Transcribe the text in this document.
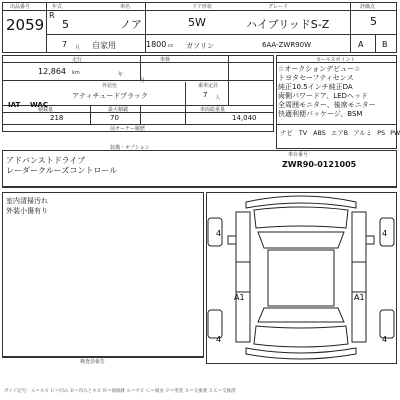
出品番号	年式	車名	ドア形状	グレード	評価点
2059
R
5	ノア	5W	ハイブリッドS-Z	5
7 月 自家用	1800 cc ガソリン	6AA-ZWR90W	A B
走行	車検
12,864 km	年
月
IAT WAC
外装色
アティチュードブラック
乗車定員
7 人
積載量	最大積載	車両総重量
218	70	14,040
前オーナー履歴
セールスポイント
☆オークションデビュー☆
トヨタセーフティセンス
純正10.5インチ純正DA
両側パワードア、LEDヘッド
全周囲モニター、後席モニター
快適利便パッケージ、BSM
ナビ TV ABS エアB アルミ PS PW
装備・オプション
アドバンストドライブ
レーダークルーズコントロール
車台番号
ZWR90-0121005
室内清掃汚れ
外装小傷有り
検査員報告
A1	A1
4	4
4	4
ガイド記号：Ａ＝キズ Ｕ＝凹み Ｂ＝凹みとキズ Ｗ＝補修跡 Ｓ＝サビ Ｃ＝腐食 Ｐ＝塗装 Ｘ＝交換要 ＸＸ＝交換済
